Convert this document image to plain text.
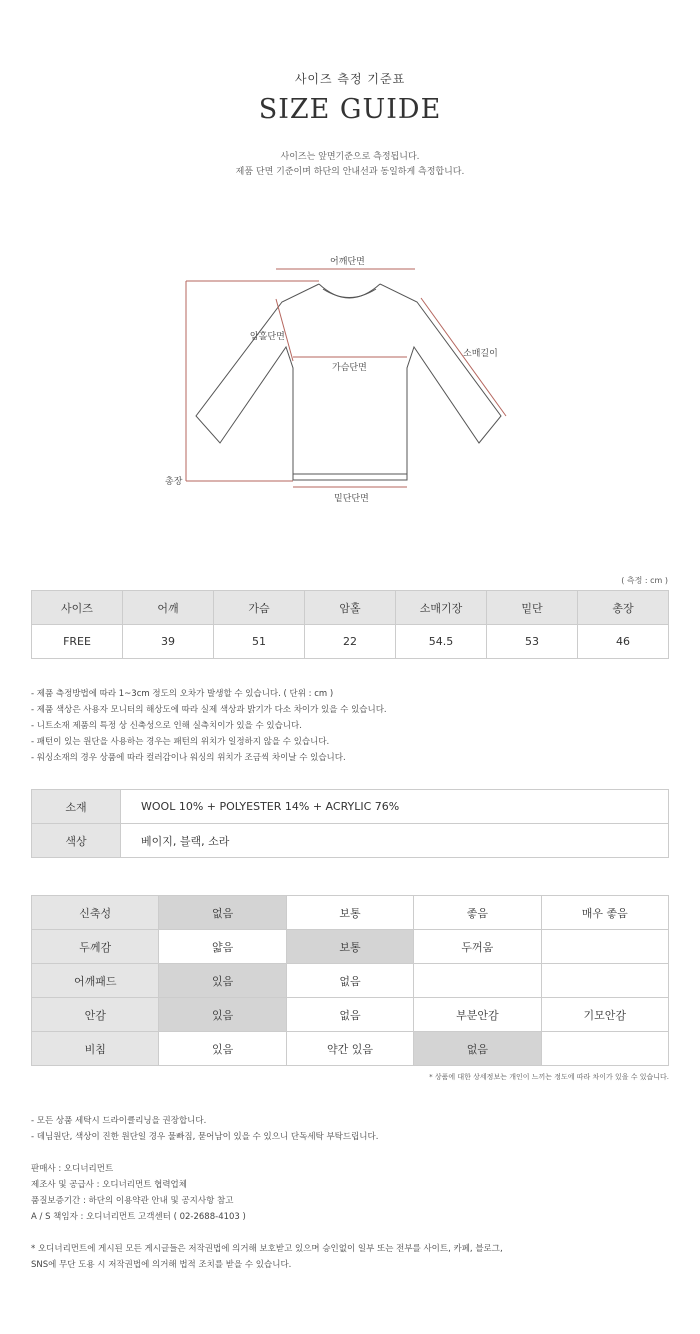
사이즈 측정 기준표
SIZE GUIDE
사이즈는 앞면기준으로 측정됩니다.
제품 단면 기준이며 하단의 안내선과 동일하게 측정합니다.
어깨단면
암홀단면
소매길이
가슴단면
총장
밑단단면
( 측정 : cm )
사이즈	어깨	가슴	암홀	소매기장	밑단	총장
FREE	39	51	22	54.5	53	46
- 제품 측정방법에 따라 1~3cm 정도의 오차가 발생할 수 있습니다. ( 단위 : cm )
- 제품 색상은 사용자 모니터의 해상도에 따라 실제 색상과 밝기가 다소 차이가 있을 수 있습니다.
- 니트소재 제품의 특정 상 신축성으로 인해 실측치이가 있을 수 있습니다.
- 패턴이 있는 원단을 사용하는 경우는 패턴의 위치가 일정하지 않을 수 있습니다.
- 워싱소재의 경우 상품에 따라 컬러감이나 워싱의 위치가 조금씩 차이날 수 있습니다.
소재	WOOL 10% + POLYESTER 14% + ACRYLIC 76%
색상	베이지, 블랙, 소라
신축성	없음	보통	좋음	매우 좋음
두께감	얇음	보통	두꺼움	
어깨패드	있음	없음		
안감	있음	없음	부분안감	기모안감
비침	있음	약간 있음	없음	
* 상품에 대한 상세정보는 개인이 느끼는 정도에 따라 차이가 있을 수 있습니다.
- 모든 상품 세탁시 드라이클리닝을 권장합니다.
- 데님원단, 색상이 진한 원단일 경우 물빠짐, 묻어남이 있을 수 있으니 단독세탁 부탁드립니다.
판매사 : 오디너리먼트
제조사 및 공급사 : 오디너리먼트 협력업체
품질보증기간 : 하단의 이용약관 안내 및 공지사항 참고
A / S 책임자 : 오디너리먼트 고객센터 ( 02-2688-4103 )
* 오디너리먼트에 게시된 모든 게시글들은 저작권법에 의거해 보호받고 있으며 승인없이 일부 또는 전부를 사이트, 카페, 블로그,
SNS에 무단 도용 시 저작권법에 의거해 법적 조치를 받을 수 있습니다.
